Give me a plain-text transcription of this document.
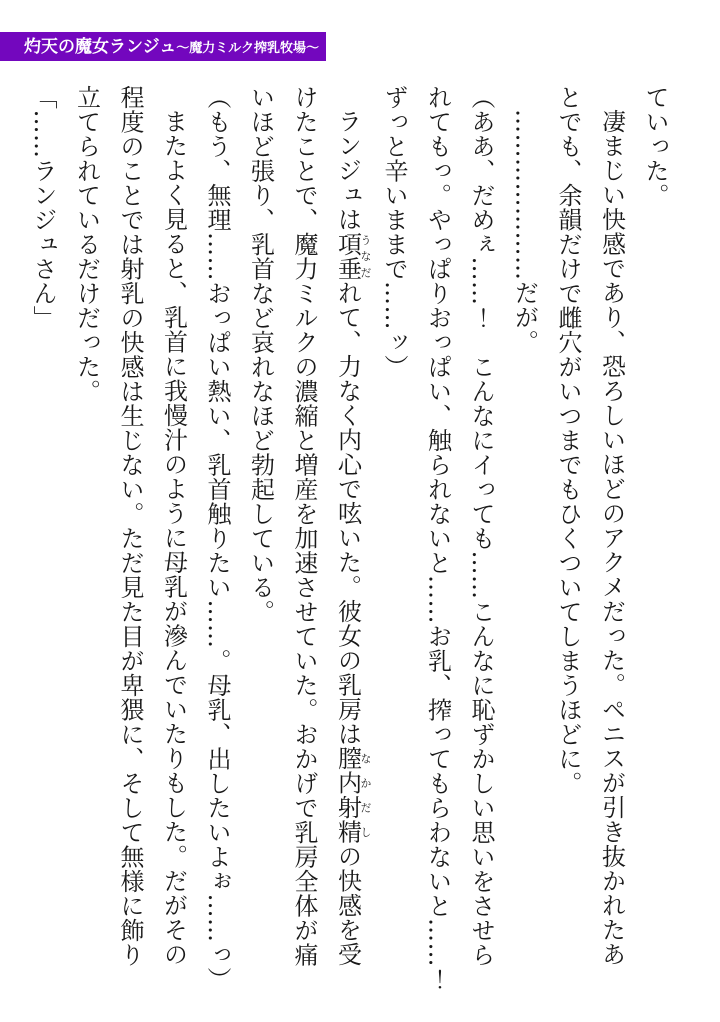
灼天の魔女ランジュ～魔力ミルク搾乳牧場～
ていった。
凄まじい快感であり、恐ろしいほどのアクメだった。ペニスが引き抜かれたあ
とでも、余韻だけで雌穴がいつまでもひくついてしまうほどに。
…………………だが。
（ああ、だめぇ……！　こんなにイっても……こんなに恥ずかしい思いをさせら
れてもっ。やっぱりおっぱい、触られないと……お乳、搾ってもらわないと……！
ずっと辛いままで……ッ）
ランジュは項垂うなだれて、力なく内心で呟いた。彼女の乳房は膣内射精なかだしの快感を受
けたことで、魔力ミルクの濃縮と増産を加速させていた。おかげで乳房全体が痛
いほど張り、乳首など哀れなほど勃起している。
（もう、無理……おっぱい熱い、乳首触りたい……。母乳、出したいよぉ……っ）
またよく見ると、乳首に我慢汁のように母乳が滲んでいたりもした。だがその
程度のことでは射乳の快感は生じない。ただ見た目が卑猥に、そして無様に飾り
立てられているだけだった。
「……ランジュさん」
